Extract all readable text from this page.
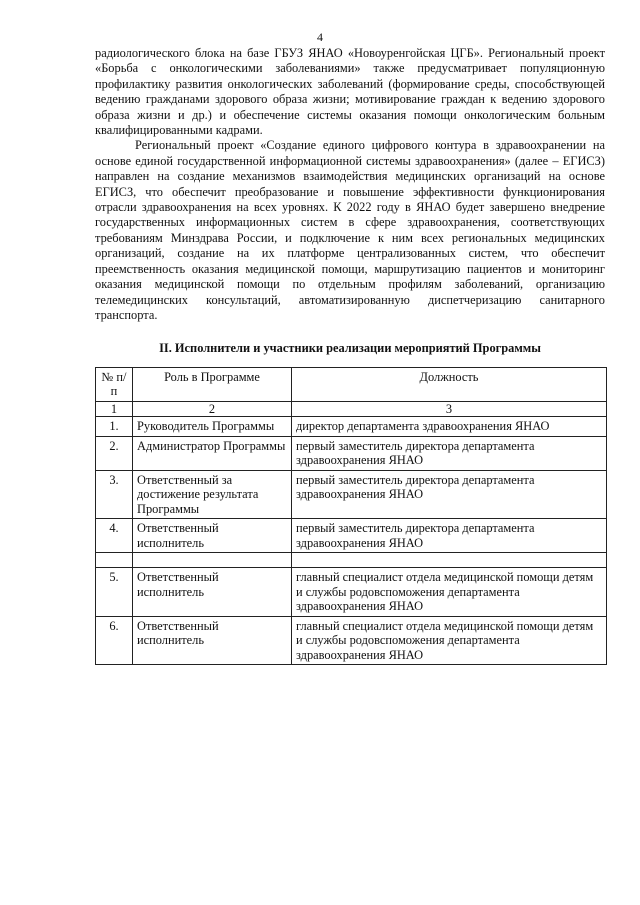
4

радиологического блока на базе ГБУЗ ЯНАО «Новоуренгойская ЦГБ». Региональный проект «Борьба с онкологическими заболеваниями» также предусматривает популяционную профилактику развития онкологических заболеваний (формирование среды, способствующей ведению гражданами здорового образа жизни; мотивирование граждан к ведению здорового образа жизни и др.) и обеспечение системы оказания помощи онкологическим больным квалифицированными кадрами.

Региональный проект «Создание единого цифрового контура в здравоохранении на основе единой государственной информационной системы здравоохранения» (далее – ЕГИСЗ) направлен на создание механизмов взаимодействия медицинских организаций на основе ЕГИСЗ, что обеспечит преобразование и повышение эффективности функционирования отрасли здравоохранения на всех уровнях. К 2022 году в ЯНАО будет завершено внедрение государственных информационных систем в сфере здравоохранения, соответствующих требованиям Минздрава России, и подключение к ним всех региональных медицинских организаций, создание на их платформе централизованных систем, что обеспечит преемственность оказания медицинской помощи, маршрутизацию пациентов и мониторинг оказания медицинской помощи по отдельным профилям заболеваний, организацию телемедицинских консультаций, автоматизированную диспетчеризацию санитарного транспорта.

II. Исполнители и участники реализации мероприятий Программы
№ п/п	Роль в Программе	Должность
1	2	3
1.	Руководитель Программы	директор департамента здравоохранения ЯНАО
2.	Администратор Программы	первый заместитель директора департамента здравоохранения ЯНАО
3.	Ответственный за достижение результата Программы	первый заместитель директора департамента здравоохранения ЯНАО
4.	Ответственный исполнитель	первый заместитель директора департамента здравоохранения ЯНАО

5.	Ответственный исполнитель	главный специалист отдела медицинской помощи детям и службы родовспоможения департамента здравоохранения ЯНАО
6.	Ответственный исполнитель	главный специалист отдела медицинской помощи детям и службы родовспоможения департамента здравоохранения ЯНАО
